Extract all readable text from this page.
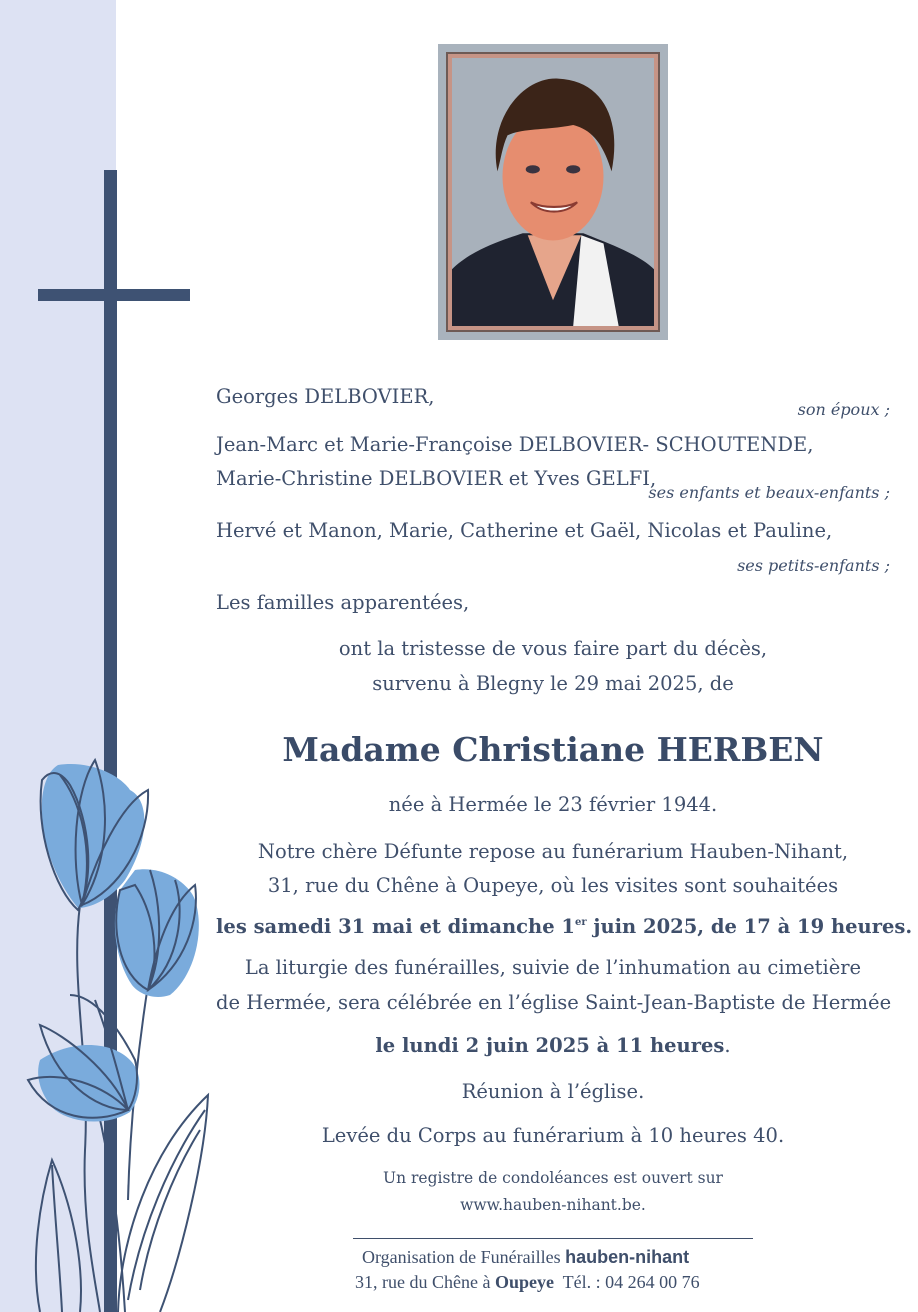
Georges DELBOVIER,
son époux ;
Jean-Marc et Marie-Françoise DELBOVIER- SCHOUTENDE,
Marie-Christine DELBOVIER et Yves GELFI,
ses enfants et beaux-enfants ;
Hervé et Manon, Marie, Catherine et Gaël, Nicolas et Pauline,
ses petits-enfants ;
Les familles apparentées,
ont la tristesse de vous faire part du décès,
survenu à Blegny le 29 mai 2025, de
Madame Christiane HERBEN
née à Hermée le 23 février 1944.
Notre chère Défunte repose au funérarium Hauben-Nihant,
31, rue du Chêne à Oupeye, où les visites sont souhaitées
les samedi 31 mai et dimanche 1er juin 2025, de 17 à 19 heures.
La liturgie des funérailles, suivie de l’inhumation au cimetière
de Hermée, sera célébrée en l’église Saint-Jean-Baptiste de Hermée
le lundi 2 juin 2025 à 11 heures.
Réunion à l’église.
Levée du Corps au funérarium à 10 heures 40.
Un registre de condoléances est ouvert sur
www.hauben-nihant.be.
Organisation de Funérailles hauben-nihant
31, rue du Chêne à Oupeye Tél. : 04 264 00 76
